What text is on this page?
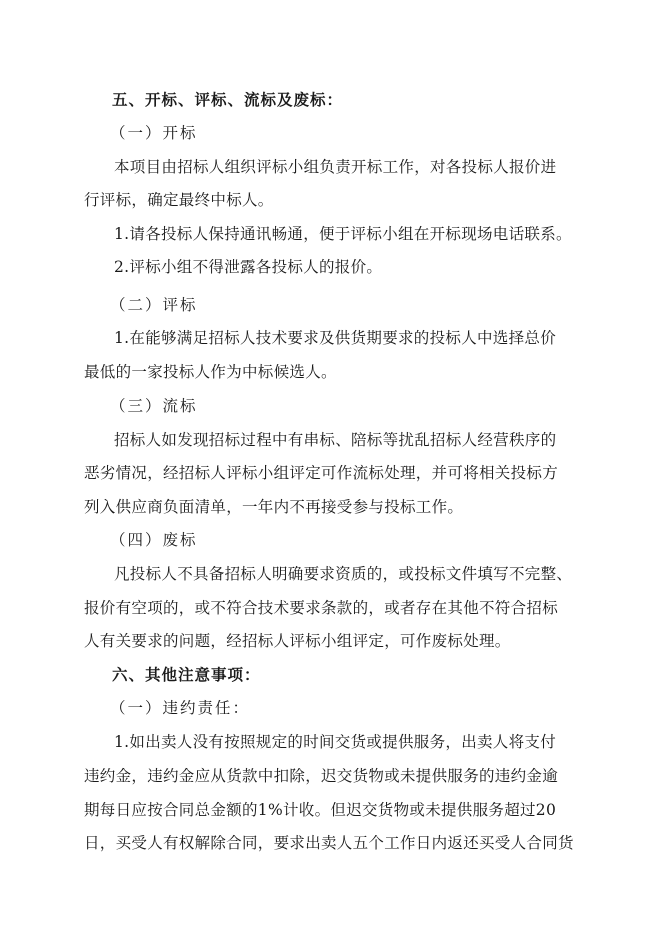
五、开标、评标、流标及废标：
（一）开标
本项目由招标人组织评标小组负责开标工作，对各投标人报价进
行评标，确定最终中标人。
1.请各投标人保持通讯畅通，便于评标小组在开标现场电话联系。
2.评标小组不得泄露各投标人的报价。
（二）评标
1.在能够满足招标人技术要求及供货期要求的投标人中选择总价
最低的一家投标人作为中标候选人。
（三）流标
招标人如发现招标过程中有串标、陪标等扰乱招标人经营秩序的
恶劣情况，经招标人评标小组评定可作流标处理，并可将相关投标方
列入供应商负面清单，一年内不再接受参与投标工作。
（四）废标
凡投标人不具备招标人明确要求资质的，或投标文件填写不完整、
报价有空项的，或不符合技术要求条款的，或者存在其他不符合招标
人有关要求的问题，经招标人评标小组评定，可作废标处理。
六、其他注意事项：
（一）违约责任：
1.如出卖人没有按照规定的时间交货或提供服务，出卖人将支付
违约金，违约金应从货款中扣除，迟交货物或未提供服务的违约金逾
期每日应按合同总金额的1%计收。但迟交货物或未提供服务超过20
日，买受人有权解除合同，要求出卖人五个工作日内返还买受人合同货
